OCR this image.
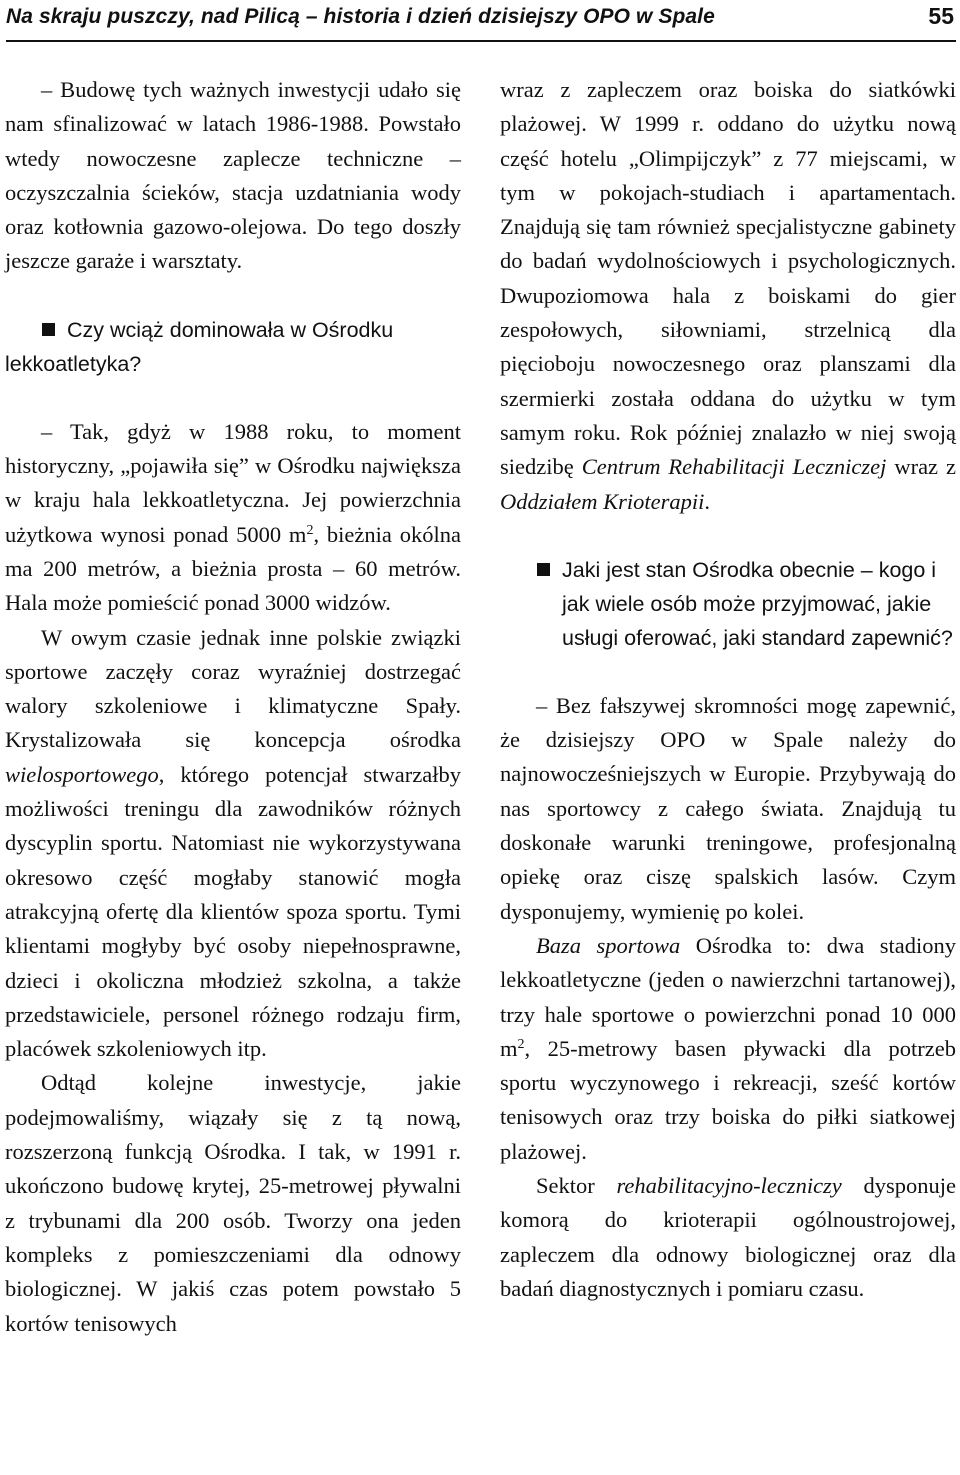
Na skraju puszczy, nad Pilicą – historia i dzień dzisiejszy OPO w Spale	55

– Budowę tych ważnych inwestycji udało się nam sfinalizować w latach 1986-1988. Powstało wtedy nowoczesne zaplecze techniczne – oczyszczalnia ścieków, stacja uzdatniania wody oraz kotłownia gazowo-olejowa. Do tego doszły jeszcze garaże i warsztaty.

Czy wciąż dominowała w Ośrodku
lekkoatletyka?

– Tak, gdyż w 1988 roku, to moment historyczny, „pojawiła się” w Ośrodku największa w kraju hala lekkoatletyczna. Jej powierzchnia użytkowa wynosi ponad 5000 $m^2$, bieżnia okólna ma 200 metrów, a bieżnia prosta – 60 metrów. Hala może pomieścić ponad 3000 widzów.

W owym czasie jednak inne polskie związki sportowe zaczęły coraz wyraźniej dostrzegać walory szkoleniowe i klimatyczne Spały. Krystalizowała się koncepcja ośrodka wielosportowego, którego potencjał stwarzałby możliwości treningu dla zawodników różnych dyscyplin sportu. Natomiast nie wykorzystywana okresowo część mogłaby stanowić mogła atrakcyjną ofertę dla klientów spoza sportu. Tymi klientami mogłyby być osoby niepełnosprawne, dzieci i okoliczna młodzież szkolna, a także przedstawiciele, personel różnego rodzaju firm, placówek szkoleniowych itp.

Odtąd kolejne inwestycje, jakie podejmowaliśmy, wiązały się z tą nową, rozszerzoną funkcją Ośrodka. I tak, w 1991 r. ukończono budowę krytej, 25-metrowej pływalni z trybunami dla 200 osób. Tworzy ona jeden kompleks z pomieszczeniami dla odnowy biologicznej. W jakiś czas potem powstało 5 kortów tenisowych

wraz z zapleczem oraz boiska do siatkówki plażowej. W 1999 r. oddano do użytku nową część hotelu „Olimpijczyk” z 77 miejscami, w tym w pokojach-studiach i apartamentach. Znajdują się tam również specjalistyczne gabinety do badań wydolnościowych i psychologicznych. Dwupoziomowa hala z boiskami do gier zespołowych, siłowniami, strzelnicą dla pięcioboju nowoczesnego oraz planszami dla szermierki została oddana do użytku w tym samym roku. Rok później znalazło w niej swoją siedzibę Centrum Rehabilitacji Leczniczej wraz z Oddziałem Krioterapii.

Jaki jest stan Ośrodka obecnie – kogo i jak wiele osób może przyjmować, jakie usługi oferować, jaki standard zapewnić?

– Bez fałszywej skromności mogę zapewnić, że dzisiejszy OPO w Spale należy do najnowocześniejszych w Europie. Przybywają do nas sportowcy z całego świata. Znajdują tu doskonałe warunki treningowe, profesjonalną opiekę oraz ciszę spalskich lasów. Czym dysponujemy, wymienię po kolei.

Baza sportowa Ośrodka to: dwa stadiony lekkoatletyczne (jeden o nawierzchni tartanowej), trzy hale sportowe o powierzchni ponad 10 000 $m^2$, 25-metrowy basen pływacki dla potrzeb sportu wyczynowego i rekreacji, sześć kortów tenisowych oraz trzy boiska do piłki siatkowej plażowej.

Sektor rehabilitacyjno-leczniczy dysponuje komorą do krioterapii ogólnoustrojowej, zapleczem dla odnowy biologicznej oraz dla badań diagnostycznych i pomiaru czasu.
